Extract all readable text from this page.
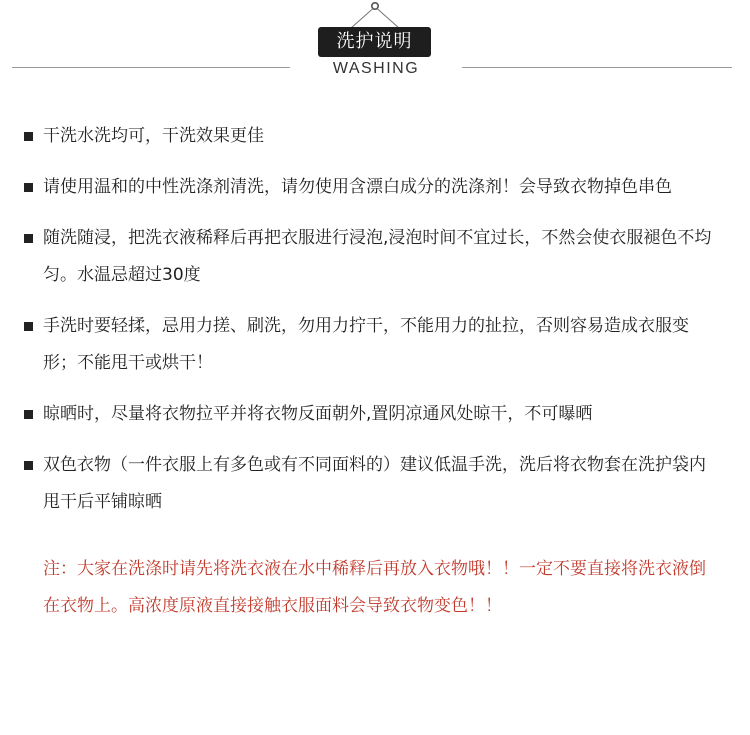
洗护说明
WASHING
干洗水洗均可，干洗效果更佳
请使用温和的中性洗涤剂清洗，请勿使用含漂白成分的洗涤剂！会导致衣物掉色串色
随洗随浸，把洗衣液稀释后再把衣服进行浸泡,浸泡时间不宜过长，不然会使衣服褪色不均匀。水温忌超过30度
手洗时要轻揉，忌用力搓、刷洗，勿用力拧干，不能用力的扯拉，否则容易造成衣服变形；不能甩干或烘干！
晾晒时，尽量将衣物拉平并将衣物反面朝外,置阴凉通风处晾干，不可曝晒
双色衣物（一件衣服上有多色或有不同面料的）建议低温手洗，洗后将衣物套在洗护袋内甩干后平铺晾晒
注：大家在洗涤时请先将洗衣液在水中稀释后再放入衣物哦！！一定不要直接将洗衣液倒在衣物上。高浓度原液直接接触衣服面料会导致衣物变色！！
